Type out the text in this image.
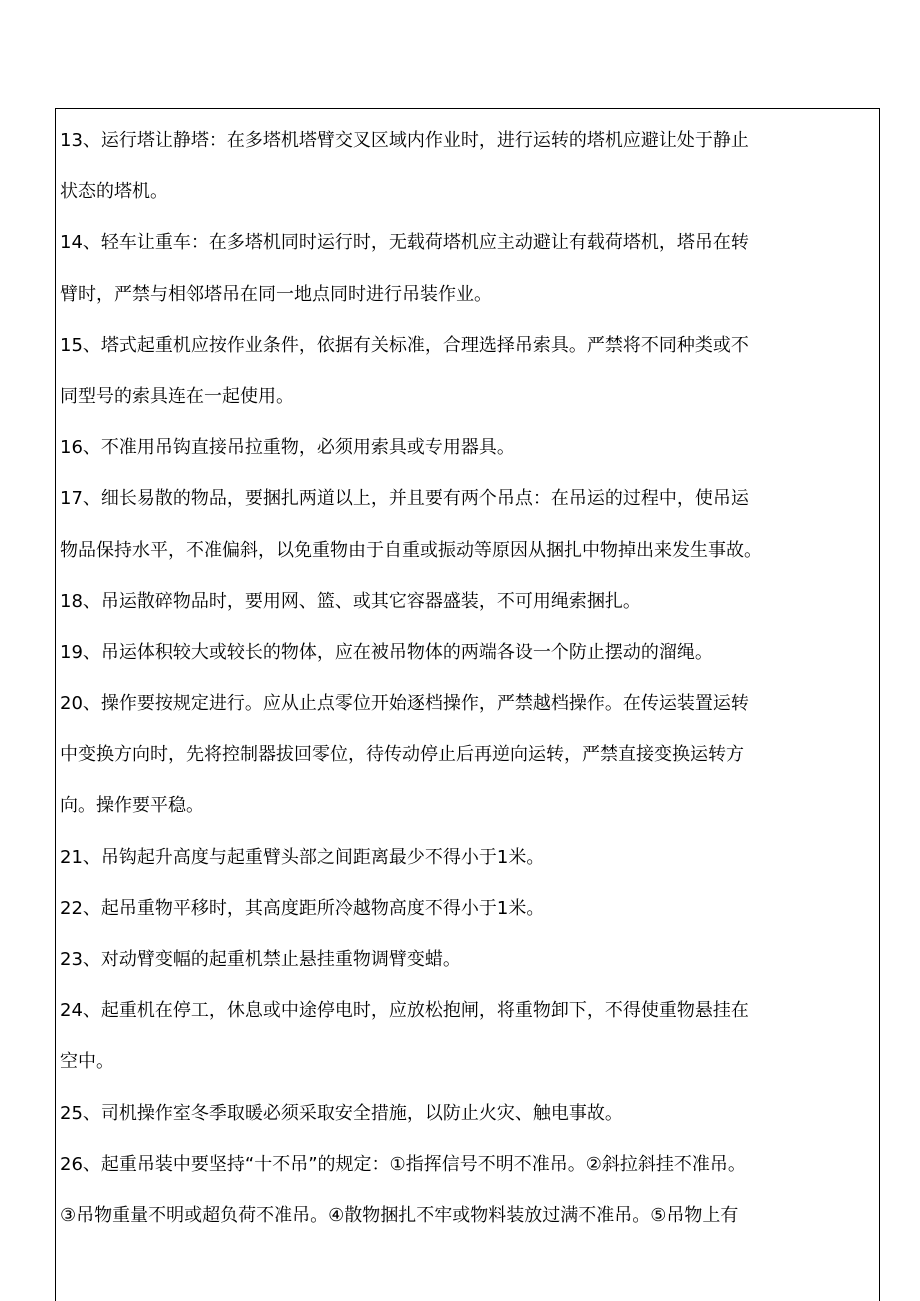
13、运行塔让静塔：在多塔机塔臂交叉区域内作业时，进行运转的塔机应避让处于静止
状态的塔机。
14、轻车让重车：在多塔机同时运行时，无载荷塔机应主动避让有载荷塔机，塔吊在转
臂时，严禁与相邻塔吊在同一地点同时进行吊装作业。
15、塔式起重机应按作业条件，依据有关标准，合理选择吊索具。严禁将不同种类或不
同型号的索具连在一起使用。
16、不准用吊钩直接吊拉重物，必须用索具或专用器具。
17、细长易散的物品，要捆扎两道以上，并且要有两个吊点：在吊运的过程中，使吊运
物品保持水平，不准偏斜，以免重物由于自重或振动等原因从捆扎中物掉出来发生事故。
18、吊运散碎物品时，要用网、篮、或其它容器盛装，不可用绳索捆扎。
19、吊运体积较大或较长的物体，应在被吊物体的两端各设一个防止摆动的溜绳。
20、操作要按规定进行。应从止点零位开始逐档操作，严禁越档操作。在传运装置运转
中变换方向时，先将控制器拔回零位，待传动停止后再逆向运转，严禁直接变换运转方
向。操作要平稳。
21、吊钩起升高度与起重臂头部之间距离最少不得小于1米。
22、起吊重物平移时，其高度距所冷越物高度不得小于1米。
23、对动臂变幅的起重机禁止悬挂重物调臂变蜡。
24、起重机在停工，休息或中途停电时，应放松抱闸，将重物卸下，不得使重物悬挂在
空中。
25、司机操作室冬季取暖必须采取安全措施，以防止火灾、触电事故。
26、起重吊装中要坚持“十不吊”的规定：①指挥信号不明不准吊。②斜拉斜挂不准吊。
③吊物重量不明或超负荷不准吊。④散物捆扎不牢或物料装放过满不准吊。⑤吊物上有
